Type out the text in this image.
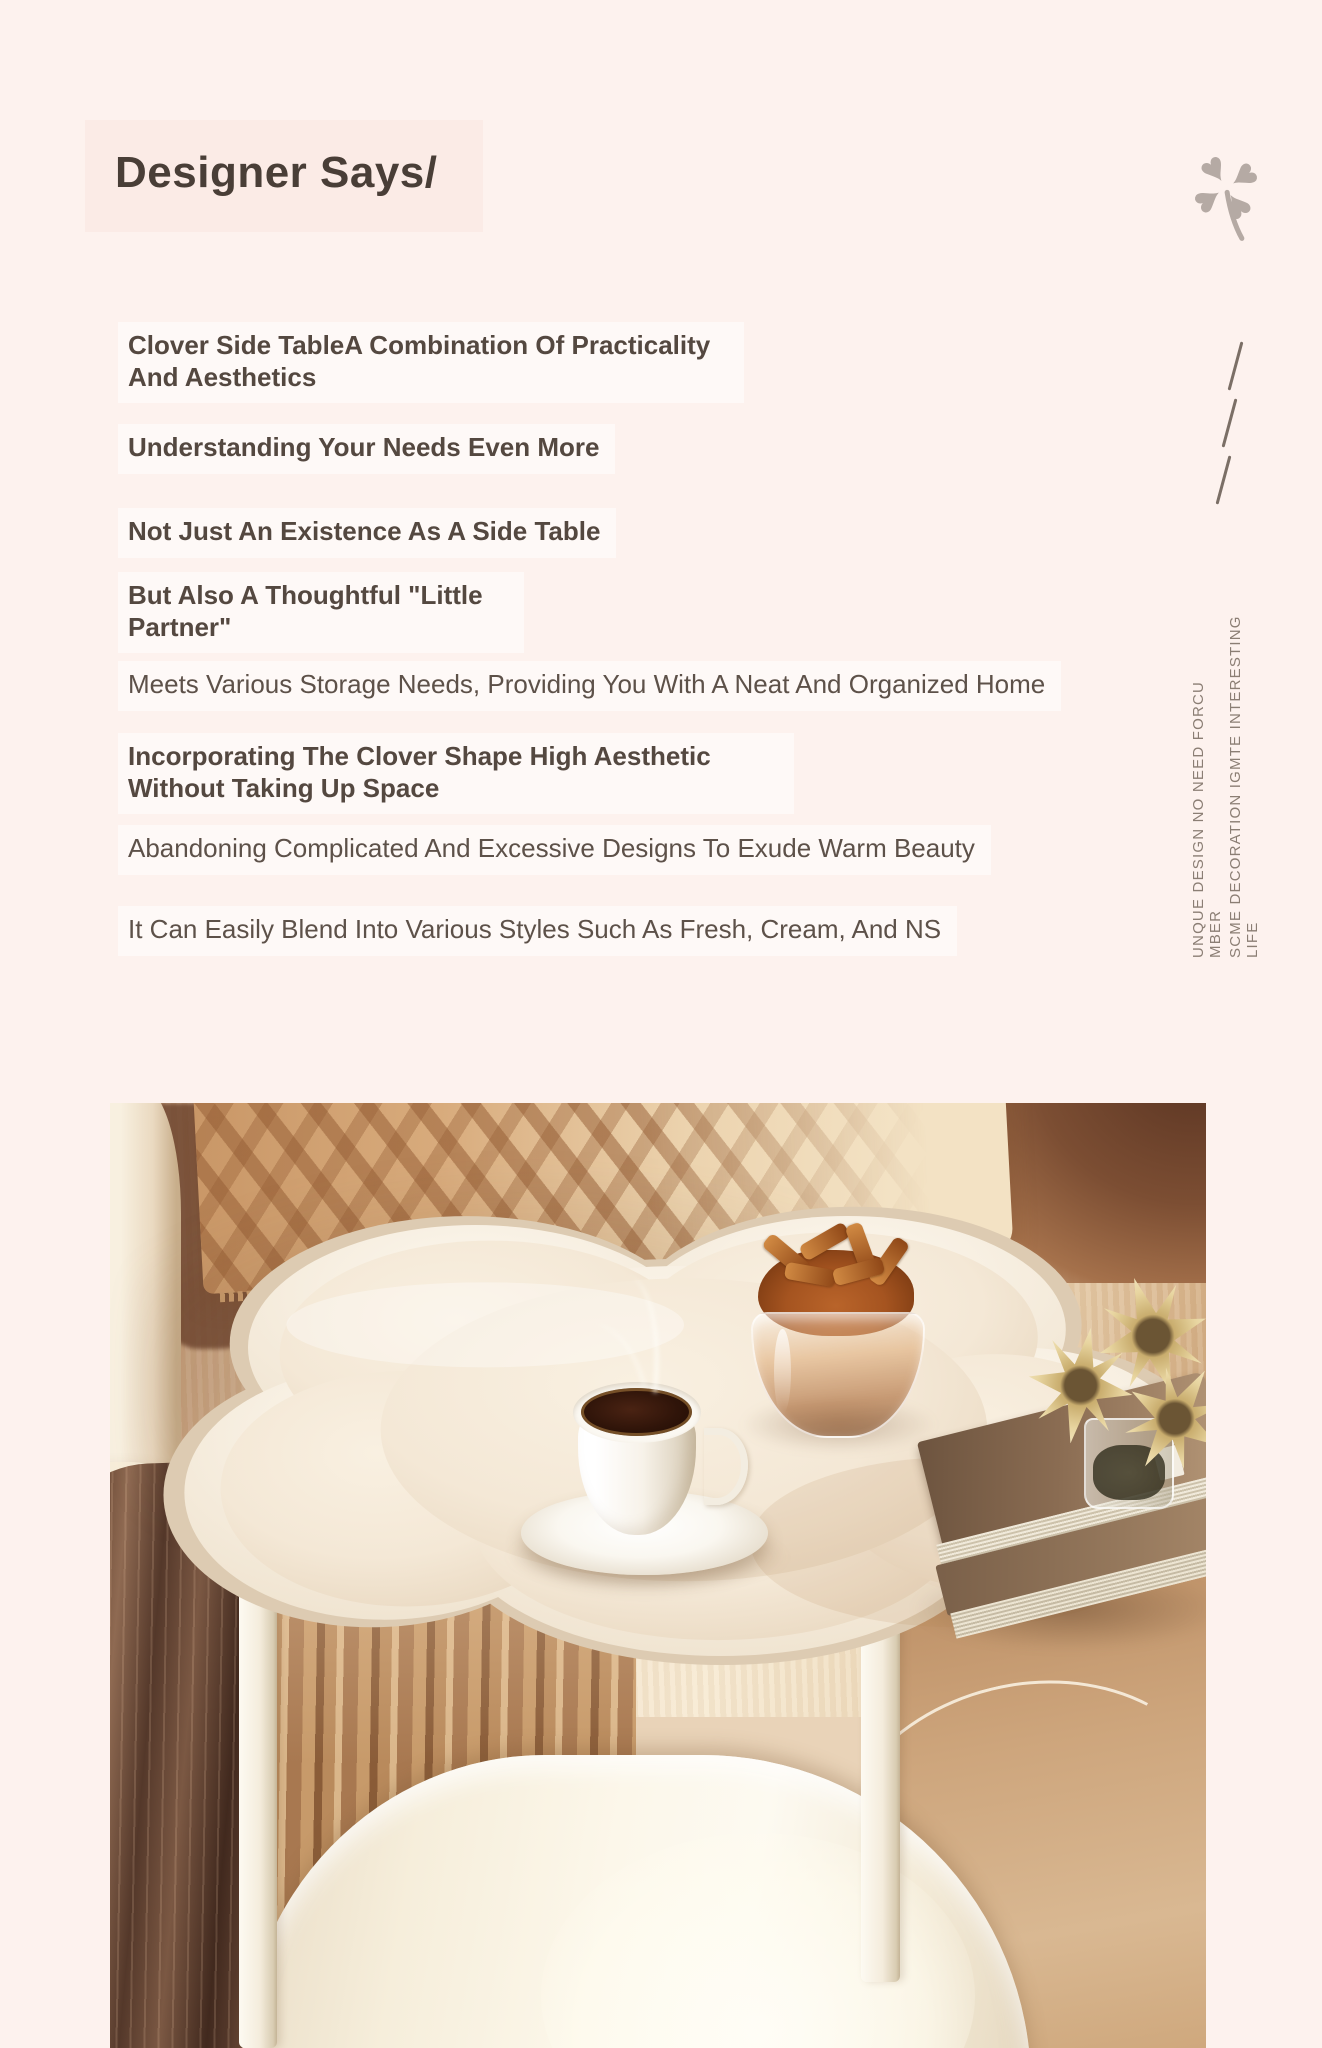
Designer Says/	♥
♥
♥
♥
Clover Side TableA Combination Of Practicality And Aesthetics
Understanding Your Needs Even More
Not Just An Existence As A Side Table
But Also A Thoughtful "Little Partner"
Meets Various Storage Needs, Providing You With A Neat And Organized Home
Incorporating The Clover Shape High Aesthetic Without Taking Up Space
Abandoning Complicated And Excessive Designs To Exude Warm Beauty
It Can Easily Blend Into Various Styles Such As Fresh, Cream, And NS	UNQUE DESIGN NO NEED FORCU MBER SCME DECORATION IGMTE INTERESTING LIFE
